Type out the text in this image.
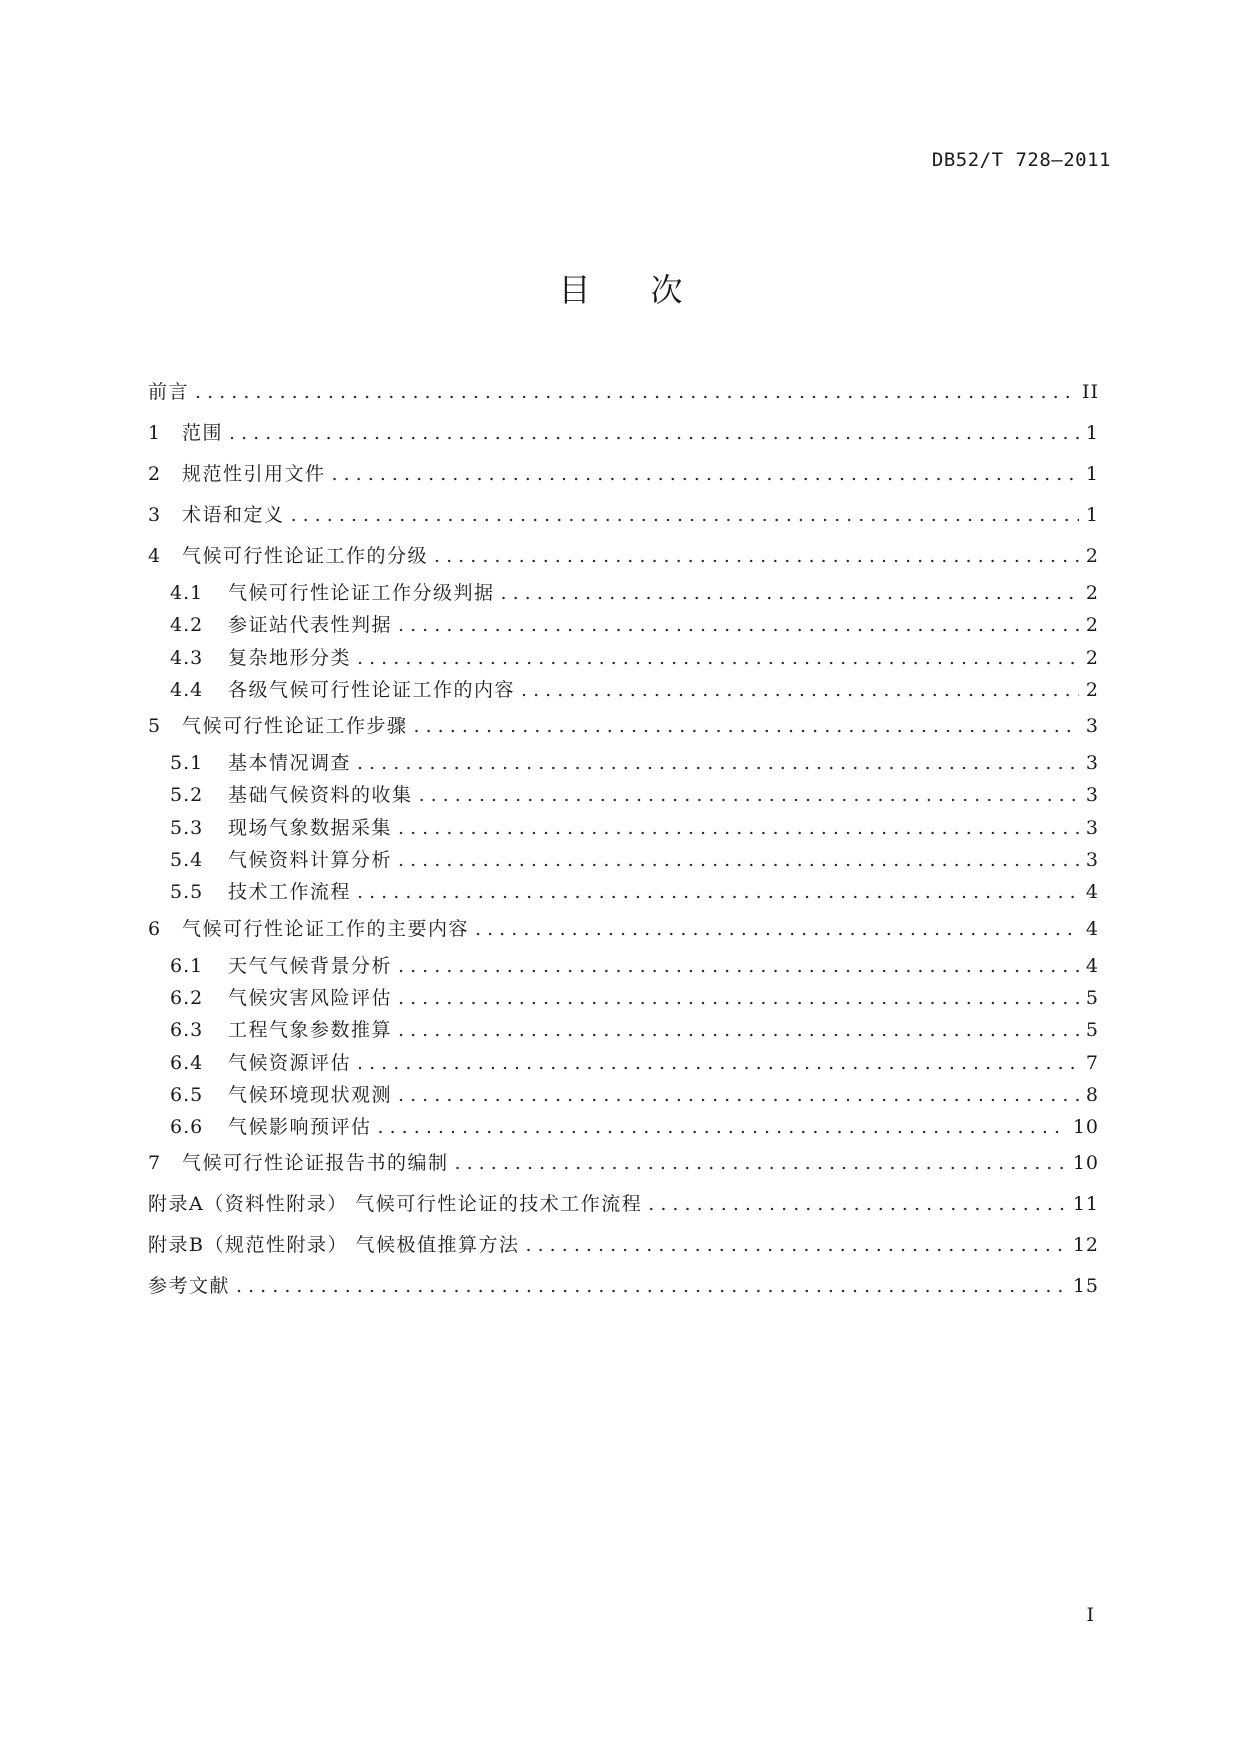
DB52/T 728—2011
目次
前言 . . .	II
1	范围 . . .	1
2	规范性引用文件 . . .	1
3	术语和定义 . . .	1
4	气候可行性论证工作的分级 . . .	2
4.1	气候可行性论证工作分级判据 . . .	2
4.2	参证站代表性判据 . . .	2
4.3	复杂地形分类 . . .	2
4.4	各级气候可行性论证工作的内容 . . .	2
5	气候可行性论证工作步骤 . . .	3
5.1	基本情况调查 . . .	3
5.2	基础气候资料的收集 . . .	3
5.3	现场气象数据采集 . . .	3
5.4	气候资料计算分析 . . .	3
5.5	技术工作流程 . . .	4
6	气候可行性论证工作的主要内容 . . .	4
6.1	天气气候背景分析 . . .	4
6.2	气候灾害风险评估 . . .	5
6.3	工程气象参数推算 . . .	5
6.4	气候资源评估 . . .	7
6.5	气候环境现状观测 . . .	8
6.6	气候影响预评估 . . .	10
7	气候可行性论证报告书的编制 . . .	10
附录A（资料性附录） 气候可行性论证的技术工作流程 . . .	11
附录B（规范性附录） 气候极值推算方法 . . .	12
参考文献 . . .	15
I
